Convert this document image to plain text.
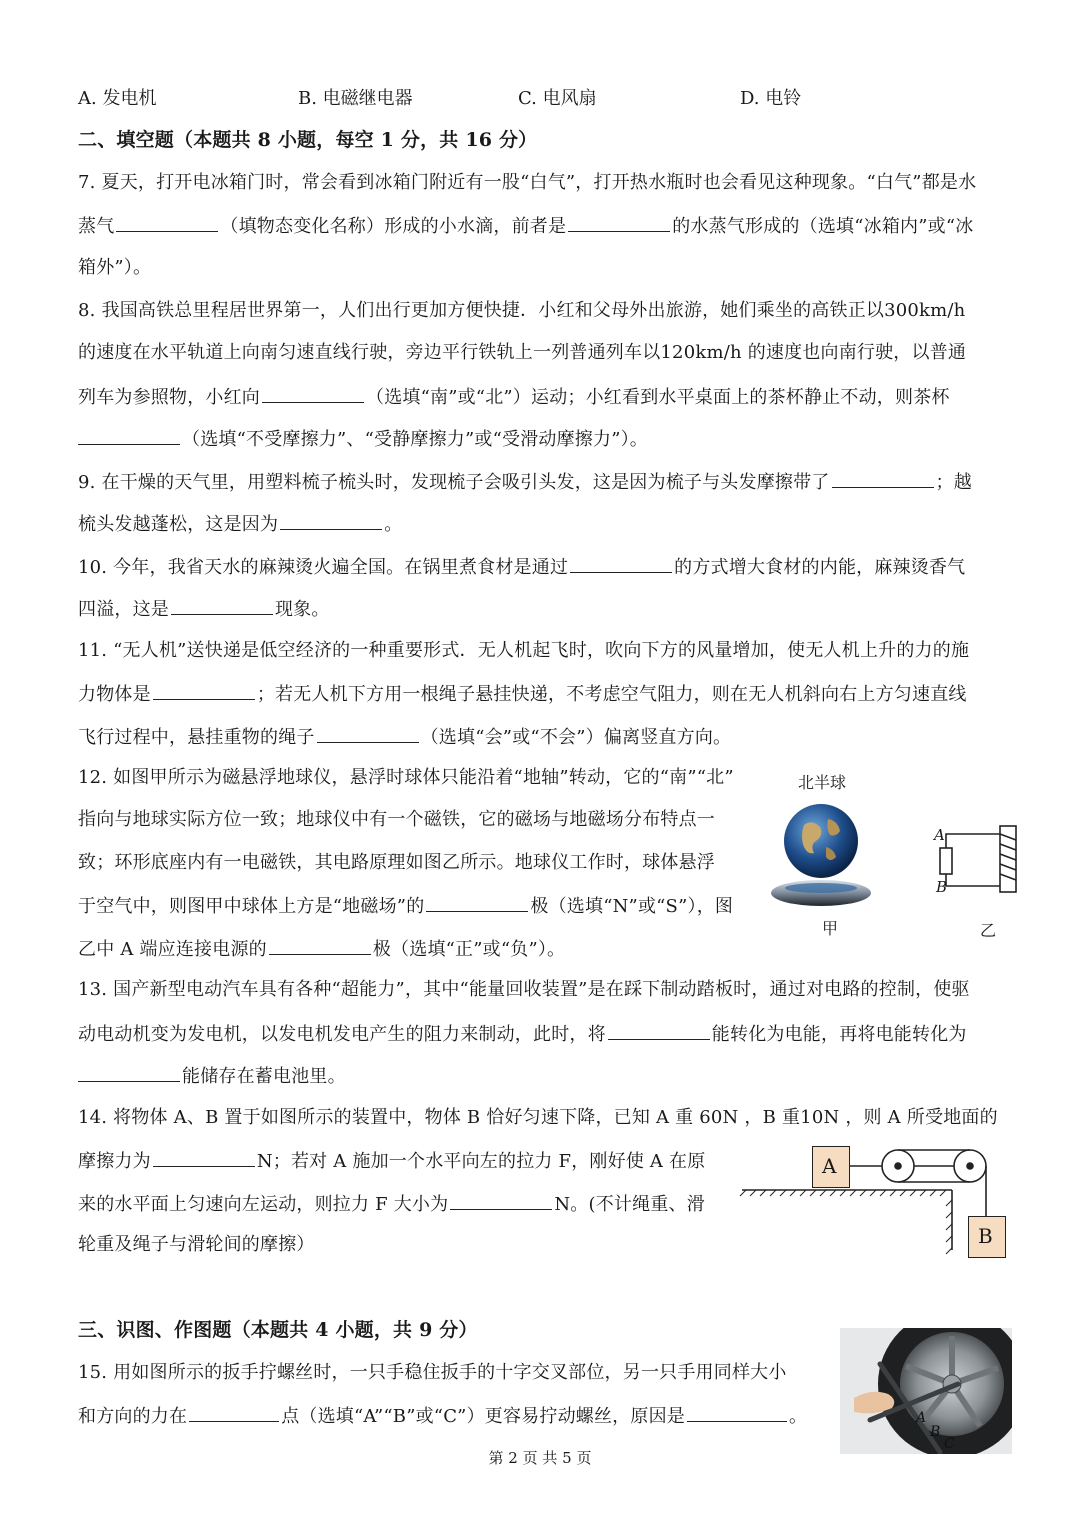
A. 发电机	B. 电磁继电器	C. 电风扇	D. 电铃
二、填空题（本题共 8 小题，每空 1 分，共 16 分）
7. 夏天，打开电冰箱门时，常会看到冰箱门附近有一股“白气”，打开热水瓶时也会看见这种现象。“白气”都是水
蒸气	（填物态变化名称）形成的小水滴，前者是	的水蒸气形成的（选填“冰箱内”或“冰
箱外”）。
8. 我国高铁总里程居世界第一，人们出行更加方便快捷．小红和父母外出旅游，她们乘坐的高铁正以300km/h
的速度在水平轨道上向南匀速直线行驶，旁边平行铁轨上一列普通列车以120km/h 的速度也向南行驶，以普通
列车为参照物，小红向	（选填“南”或“北”）运动；小红看到水平桌面上的茶杯静止不动，则茶杯
（选填“不受摩擦力”、“受静摩擦力”或“受滑动摩擦力”）。
9. 在干燥的天气里，用塑料梳子梳头时，发现梳子会吸引头发，这是因为梳子与头发摩擦带了	；越
梳头发越蓬松，这是因为	。
10. 今年，我省天水的麻辣烫火遍全国。在锅里煮食材是通过	的方式增大食材的内能，麻辣烫香气
四溢，这是	现象。
11. “无人机”送快递是低空经济的一种重要形式．无人机起飞时，吹向下方的风量增加，使无人机上升的力的施
力物体是	；若无人机下方用一根绳子悬挂快递，不考虑空气阻力，则在无人机斜向右上方匀速直线
飞行过程中，悬挂重物的绳子	（选填“会”或“不会”）偏离竖直方向。
12. 如图甲所示为磁悬浮地球仪，悬浮时球体只能沿着“地轴”转动，它的“南”“北”
指向与地球实际方位一致；地球仪中有一个磁铁，它的磁场与地磁场分布特点一
致；环形底座内有一电磁铁，其电路原理如图乙所示。地球仪工作时，球体悬浮
于空气中，则图甲中球体上方是“地磁场”的	极（选填“N”或“S”），图
乙中 A 端应连接电源的	极（选填“正”或“负”）。
北半球
甲
A
B
乙
13. 国产新型电动汽车具有各种“超能力”，其中“能量回收装置”是在踩下制动踏板时，通过对电路的控制，使驱
动电动机变为发电机，以发电机发电产生的阻力来制动，此时，将	能转化为电能，再将电能转化为
能储存在蓄电池里。
14. 将物体 A、B 置于如图所示的装置中，物体 B 恰好匀速下降，已知 A 重 60N ，B 重10N ，则 A 所受地面的
摩擦力为	N；若对 A 施加一个水平向左的拉力 F，刚好使 A 在原
来的水平面上匀速向左运动，则拉力 F 大小为	N。(不计绳重、滑
轮重及绳子与滑轮间的摩擦）
A
B
三、识图、作图题（本题共 4 小题，共 9 分）
15. 用如图所示的扳手拧螺丝时，一只手稳住扳手的十字交叉部位，另一只手用同样大小
和方向的力在	点（选填“A”“B”或“C”）更容易拧动螺丝，原因是	。	A
B
C
第 2 页 共 5 页
